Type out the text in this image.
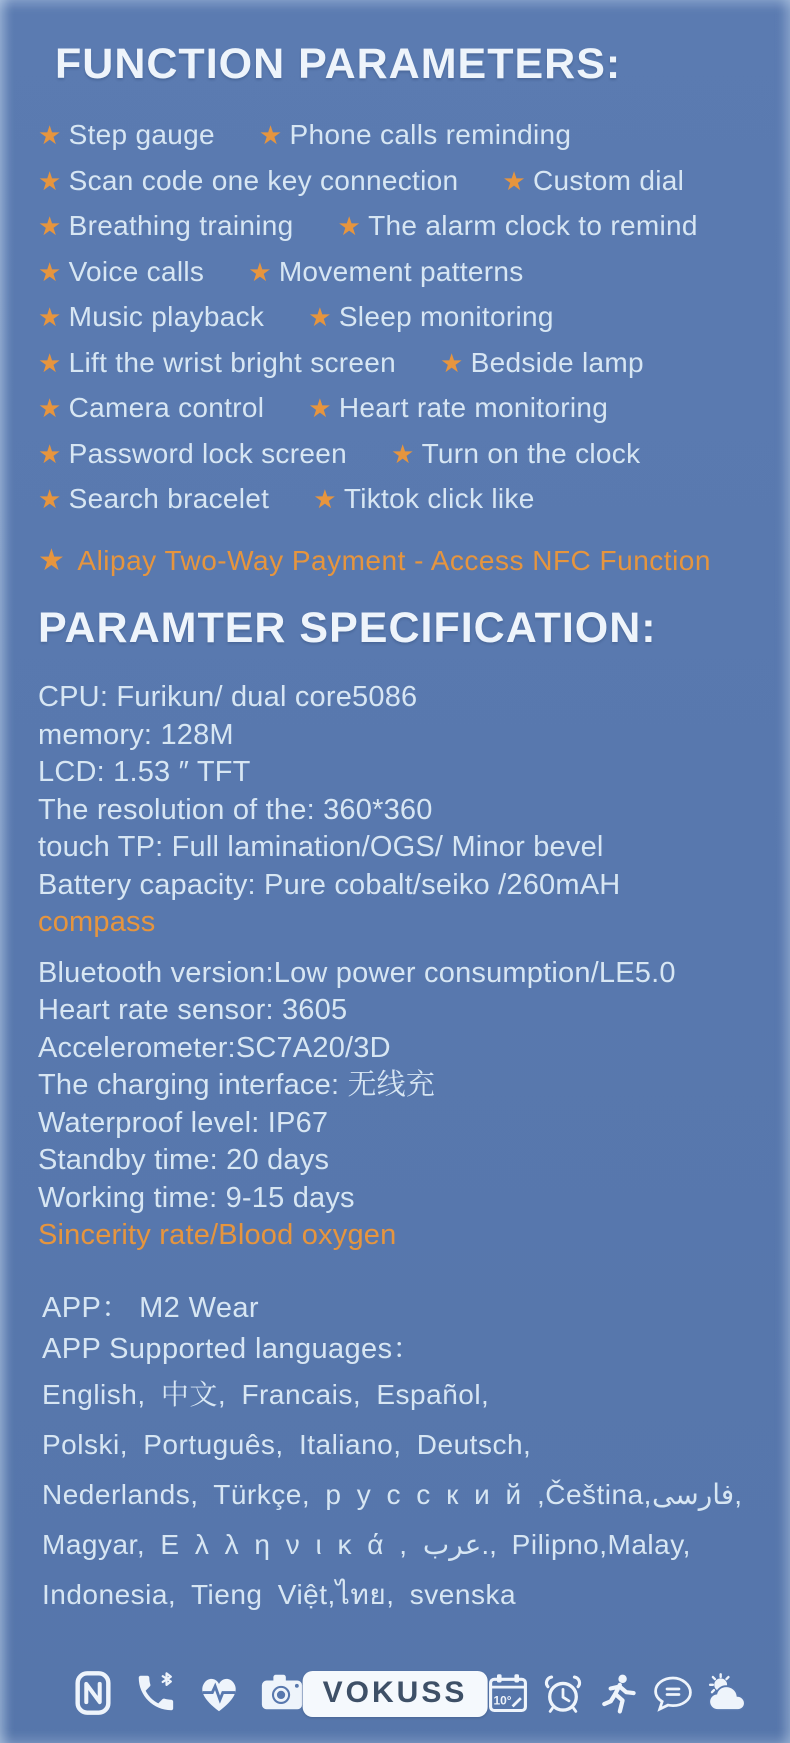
FUNCTION PARAMETERS:
★ Step gauge ★ Phone calls reminding
★ Scan code one key connection ★ Custom dial
★ Breathing training ★ The alarm clock to remind
★ Voice calls ★ Movement patterns
★ Music playback ★ Sleep monitoring
★ Lift the wrist bright screen ★ Bedside lamp
★ Camera control ★ Heart rate monitoring
★ Password lock screen ★ Turn on the clock
★ Search bracelet ★ Tiktok click like
★ Alipay Two-Way Payment - Access NFC Function
PARAMTER SPECIFICATION:
CPU: Furikun/ dual core5086
memory: 128M
LCD: 1.53 ″ TFT
The resolution of the: 360*360
touch TP: Full lamination/OGS/ Minor bevel
Battery capacity: Pure cobalt/seiko /260mAH
compass
Bluetooth version:Low power consumption/LE5.0
Heart rate sensor: 3605
Accelerometer:SC7A20/3D
The charging interface: 无线充
Waterproof level: IP67
Standby time: 20 days
Working time: 9-15 days
Sincerity rate/Blood oxygen
APP： M2 Wear
APP Supported languages：
English, 中文, Francais, Español,
Polski, Português, Italiano, Deutsch,
Nederlands, Türkçe, р у с с к и й ,Čeština,فارسی,
Magyar, Ε λ λ η ν ι κ ά , عرب., Pilipno,Malay,
Indonesia, Tieng Việt,ไทย, svenska
VOKUSS	10°
